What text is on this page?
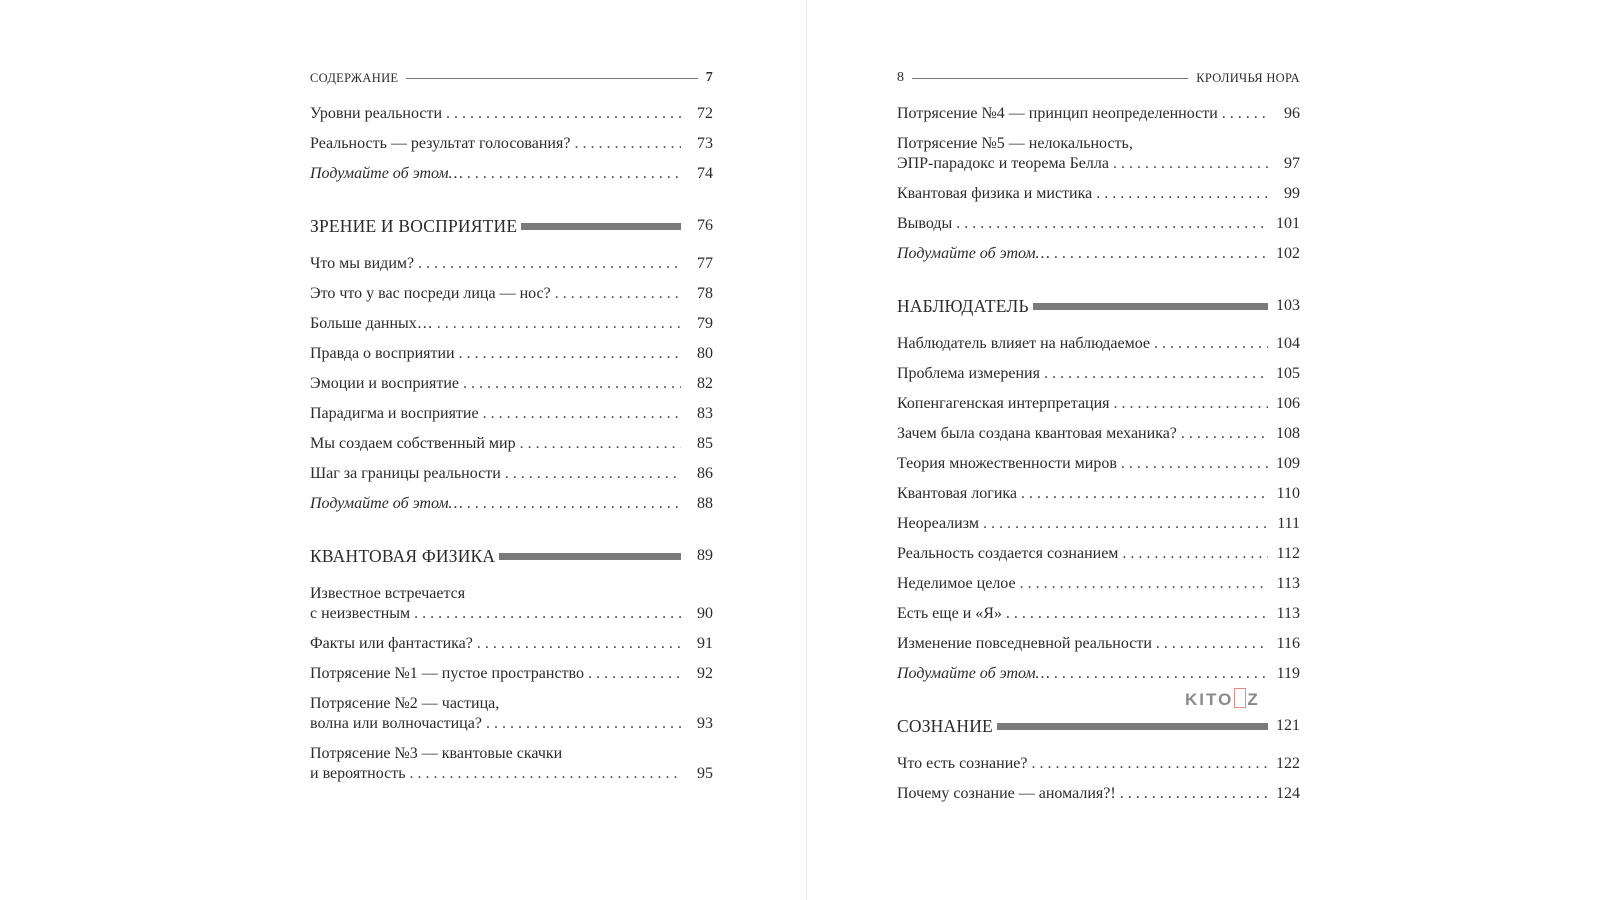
СОДЕРЖАНИЕ	7
Уровни реальности . . .	72
Реальность — результат голосования? . . .	73
Подумайте об этом… . . .	74
ЗРЕНИЕ И ВОСПРИЯТИЕ	76
Что мы видим? . . .	77
Это что у вас посреди лица — нос? . . .	78
Больше данных… . . .	79
Правда о восприятии . . .	80
Эмоции и восприятие . . .	82
Парадигма и восприятие . . .	83
Мы создаем собственный мир . . .	85
Шаг за границы реальности . . .	86
Подумайте об этом… . . .	88
КВАНТОВАЯ ФИЗИКА	89
Известное встречается
с неизвестным . . .	90
Факты или фантастика? . . .	91
Потрясение №1 — пустое пространство . . .	92
Потрясение №2 — частица,
волна или волночастица? . . .	93
Потрясение №3 — квантовые скачки
и вероятность . . .	95
8	КРОЛИЧЬЯ НОРА
Потрясение №4 — принцип неопределенности . . .	96
Потрясение №5 — нелокальность,
ЭПР-парадокс и теорема Белла . . .	97
Квантовая физика и мистика . . .	99
Выводы . . .	101
Подумайте об этом… . . .	102
НАБЛЮДАТЕЛЬ	103
Наблюдатель влияет на наблюдаемое . . .	104
Проблема измерения . . .	105
Копенгагенская интерпретация . . .	106
Зачем была создана квантовая механика? . . .	108
Теория множественности миров . . .	109
Квантовая логика . . .	110
Неореализм . . .	111
Реальность создается сознанием . . .	112
Неделимое целое . . .	113
Есть еще и «Я» . . .	113
Изменение повседневной реальности . . .	116
Подумайте об этом… . . .	119
СОЗНАНИЕ	121
Что есть сознание? . . .	122
Почему сознание — аномалия?! . . .	124
KITO Z
